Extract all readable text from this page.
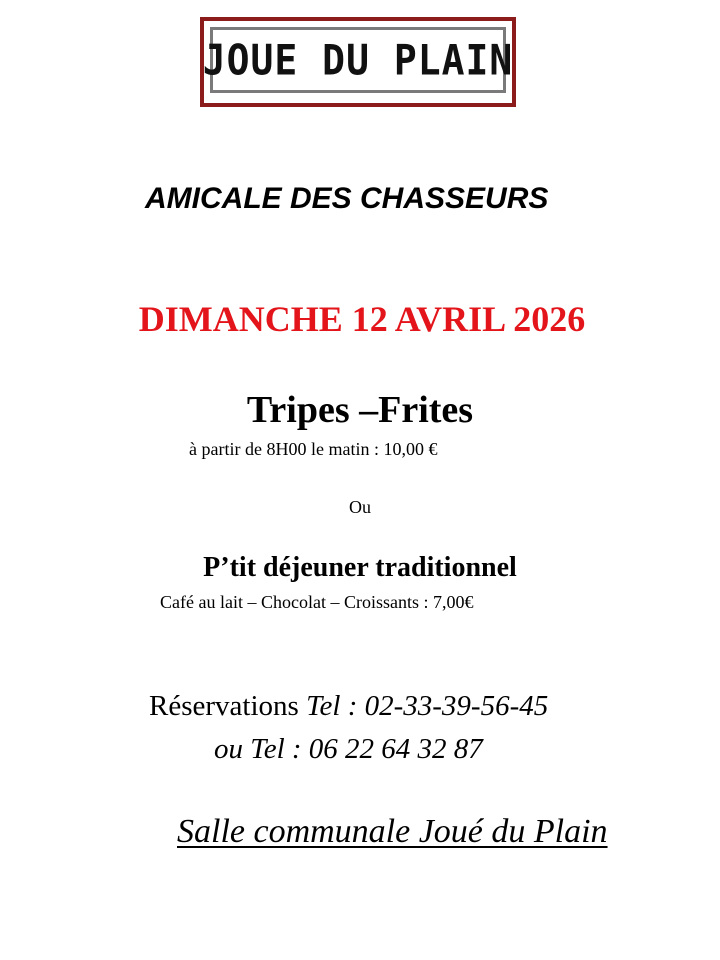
JOUE DU PLAIN
AMICALE DES CHASSEURS
DIMANCHE 12 AVRIL 2026
Tripes –Frites
à partir de 8H00 le matin : 10,00 €
Ou
P’tit déjeuner traditionnel
Café au lait – Chocolat – Croissants : 7,00€
Réservations Tel : 02-33-39-56-45
ou Tel : 06 22 64 32 87
Salle communale Joué du Plain
